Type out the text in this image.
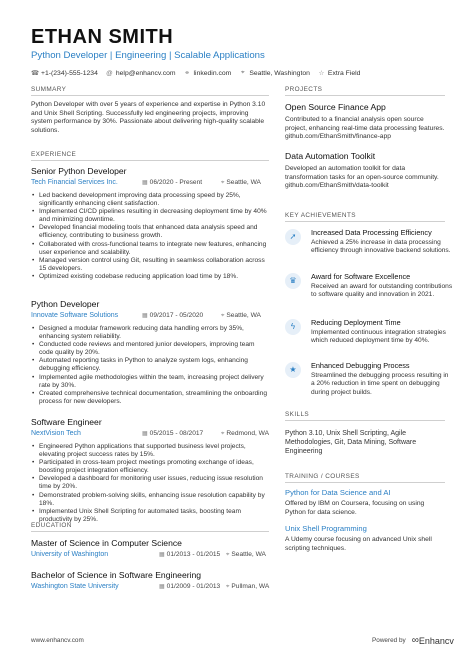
ETHAN SMITH
Python Developer | Engineering | Scalable Applications
☎ +1-(234)-555-1234 @ help@enhancv.com ⚭ linkedin.com ⌖ Seattle, Washington ☆ Extra Field
SUMMARY
Python Developer with over 5 years of experience and expertise in Python 3.10 and Unix Shell Scripting. Successfully led engineering projects, improving system performance by 30%. Passionate about delivering high-quality scalable solutions.
EXPERIENCE
Senior Python Developer
Tech Financial Services Inc.	▦ 06/2020 - Present	⌖ Seattle, WA
• Led backend development improving data processing speed by 25%, significantly enhancing client satisfaction.
• Implemented CI/CD pipelines resulting in decreasing deployment time by 40% and minimizing downtime.
• Developed financial modeling tools that enhanced data analysis speed and efficiency, contributing to business growth.
• Collaborated with cross-functional teams to integrate new features, enhancing user experience and scalability.
• Managed version control using Git, resulting in seamless collaboration across 15 developers.
• Optimized existing codebase reducing application load time by 18%.
Python Developer
Innovate Software Solutions	▦ 09/2017 - 05/2020	⌖ Seattle, WA
• Designed a modular framework reducing data handling errors by 35%, enhancing system reliability.
• Conducted code reviews and mentored junior developers, improving team code quality by 20%.
• Automated reporting tasks in Python to analyze system logs, enhancing debugging efficiency.
• Implemented agile methodologies within the team, increasing project delivery rate by 30%.
• Created comprehensive technical documentation, streamlining the onboarding process for new developers.
Software Engineer
NextVision Tech	▦ 05/2015 - 08/2017	⌖ Redmond, WA
• Engineered Python applications that supported business level projects, elevating project success rates by 15%.
• Participated in cross-team project meetings promoting exchange of ideas, boosting project integration efficiency.
• Developed a dashboard for monitoring user issues, reducing issue resolution time by 20%.
• Demonstrated problem-solving skills, enhancing issue resolution capability by 18%.
• Implemented Unix Shell Scripting for automated tasks, boosting team productivity by 25%.
EDUCATION
Master of Science in Computer Science
University of Washington	▦ 01/2013 - 01/2015 ⌖ Seattle, WA
Bachelor of Science in Software Engineering
Washington State University	▦ 01/2009 - 01/2013 ⌖ Pullman, WA
PROJECTS
Open Source Finance App
Contributed to a financial analysis open source project, enhancing real-time data processing features. github.com/EthanSmith/finance-app
Data Automation Toolkit
Developed an automation toolkit for data transformation tasks for an open-source community. github.com/EthanSmith/data-toolkit
KEY ACHIEVEMENTS
➚	Increased Data Processing Efficiency
Achieved a 25% increase in data processing efficiency through innovative backend solutions.
♛	Award for Software Excellence
Received an award for outstanding contributions to software quality and innovation in 2021.
ϟ	Reducing Deployment Time
Implemented continuous integration strategies which reduced deployment time by 40%.
★	Enhanced Debugging Process
Streamlined the debugging process resulting in a 20% reduction in time spent on debugging during project builds.
SKILLS
Python 3.10, Unix Shell Scripting, Agile Methodologies, Git, Data Mining, Software Engineering
TRAINING / COURSES
Python for Data Science and AI
Offered by IBM on Coursera, focusing on using Python for data science.
Unix Shell Programming
A Udemy course focusing on advanced Unix shell scripting techniques.
www.enhancv.com	Powered by ∞ Enhancv
